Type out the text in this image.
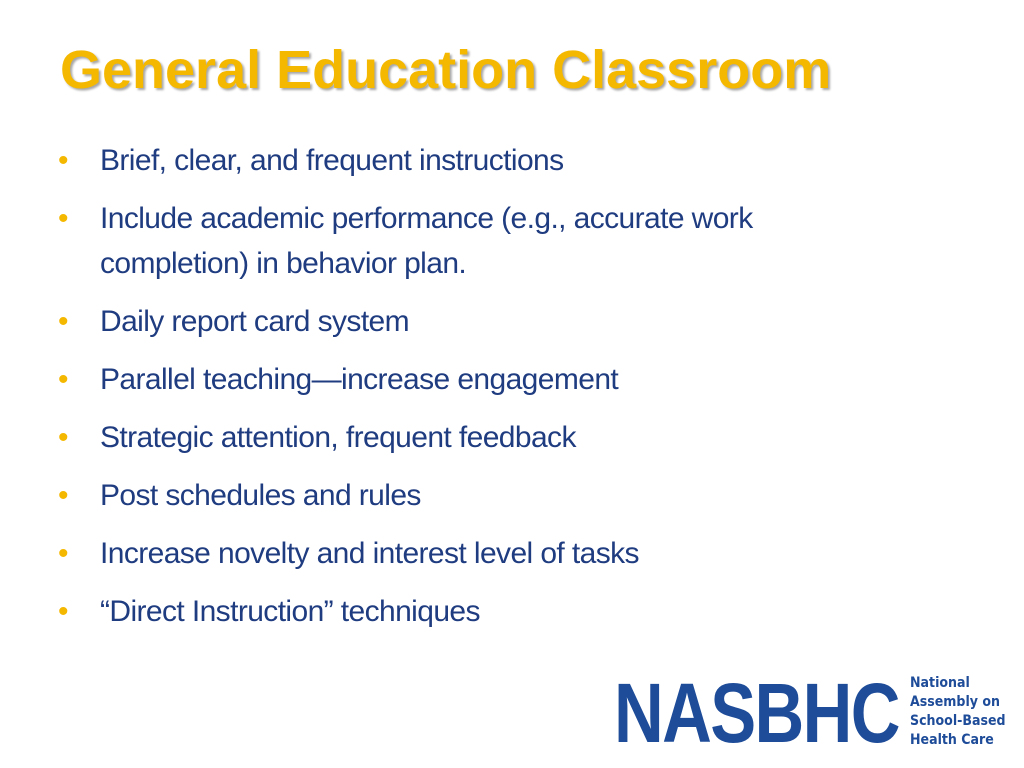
General Education Classroom
•	Brief, clear, and frequent instructions
•	Include academic performance (e.g., accurate work completion) in behavior plan.
•	Daily report card system
•	Parallel teaching—increase engagement
•	Strategic attention, frequent feedback
•	Post schedules and rules
•	Increase novelty and interest level of tasks
•	“Direct Instruction” techniques
NASBHC National
Assembly on
School-Based
Health Care
